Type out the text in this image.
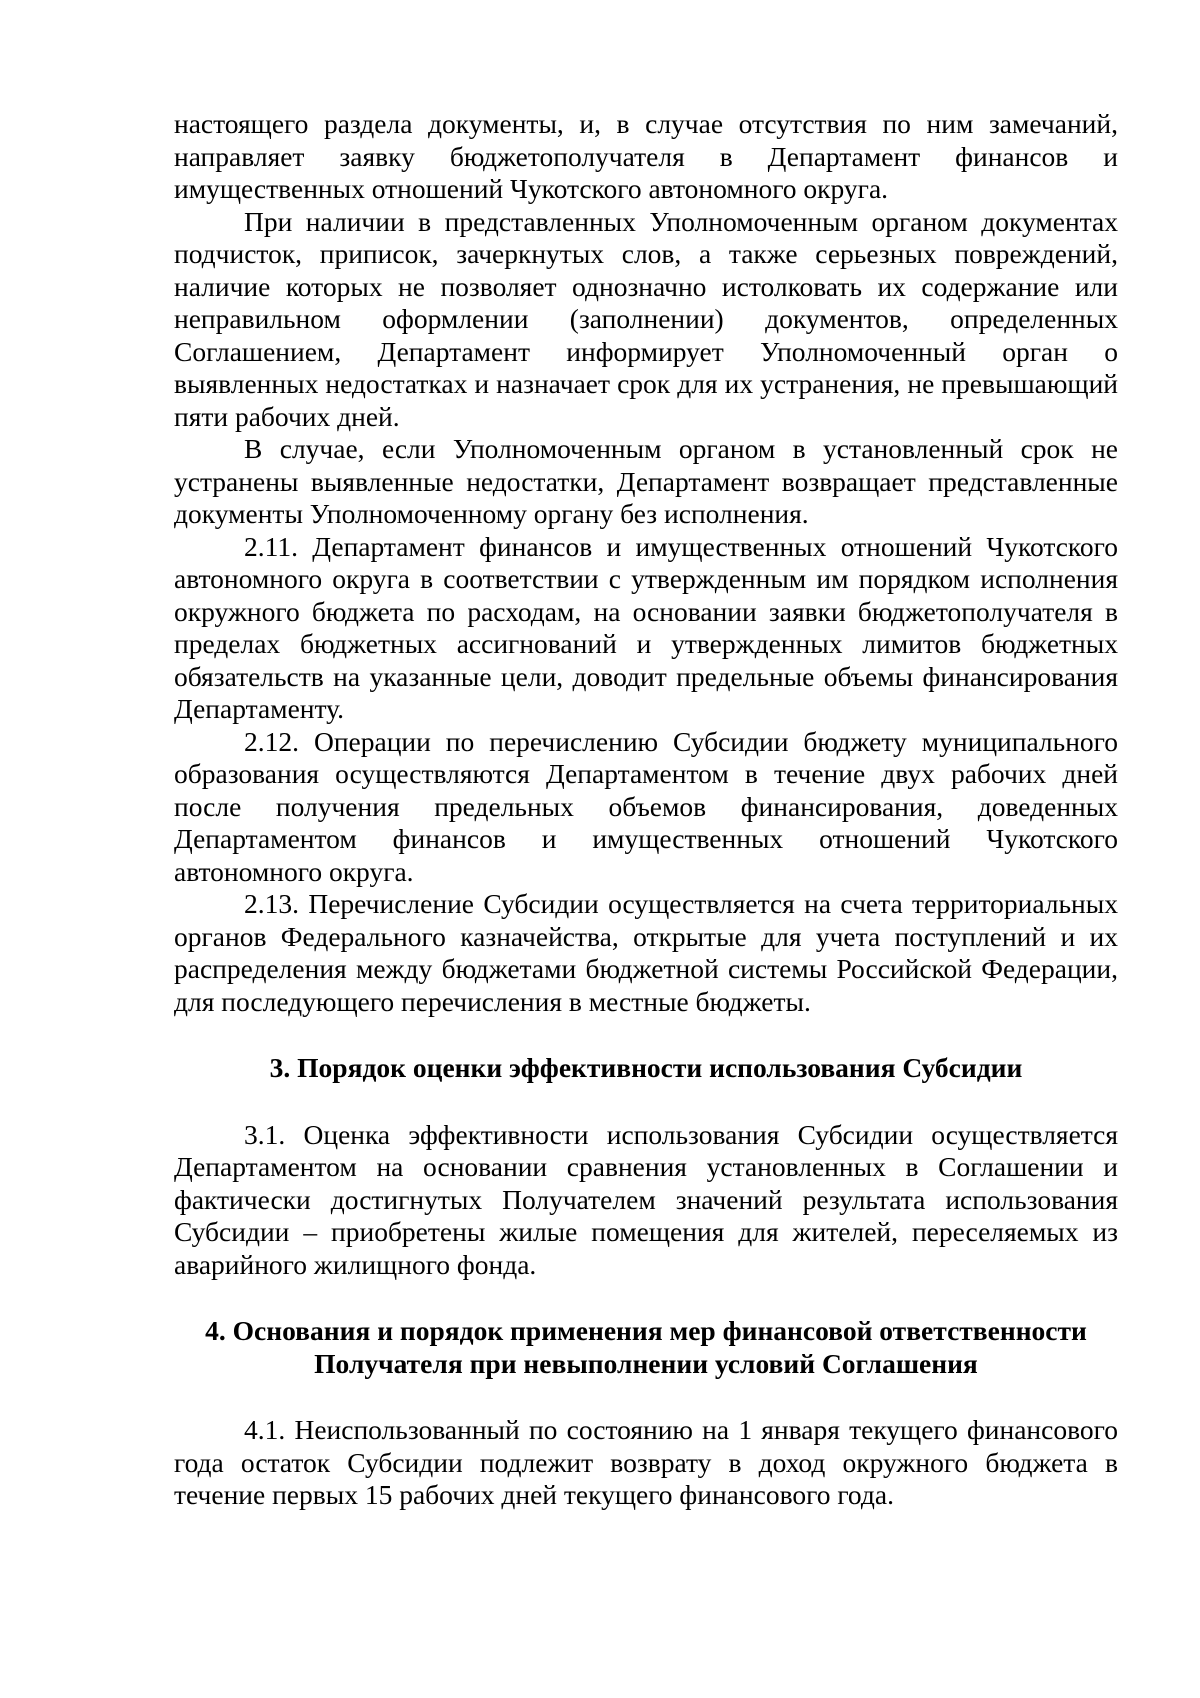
настоящего раздела документы, и, в случае отсутствия по ним замечаний, направляет заявку бюджетополучателя в Департамент финансов и имущественных отношений Чукотского автономного округа.

При наличии в представленных Уполномоченным органом документах подчисток, приписок, зачеркнутых слов, а также серьезных повреждений, наличие которых не позволяет однозначно истолковать их содержание или неправильном оформлении (заполнении) документов, определенных Соглашением, Департамент информирует Уполномоченный орган о выявленных недостатках и назначает срок для их устранения, не превышающий пяти рабочих дней.

В случае, если Уполномоченным органом в установленный срок не устранены выявленные недостатки, Департамент возвращает представленные документы Уполномоченному органу без исполнения.

2.11. Департамент финансов и имущественных отношений Чукотского автономного округа в соответствии с утвержденным им порядком исполнения окружного бюджета по расходам, на основании заявки бюджетополучателя в пределах бюджетных ассигнований и утвержденных лимитов бюджетных обязательств на указанные цели, доводит предельные объемы финансирования Департаменту.

2.12. Операции по перечислению Субсидии бюджету муниципального образования осуществляются Департаментом в течение двух рабочих дней после получения предельных объемов финансирования, доведенных Департаментом финансов и имущественных отношений Чукотского автономного округа.

2.13. Перечисление Субсидии осуществляется на счета территориальных органов Федерального казначейства, открытые для учета поступлений и их распределения между бюджетами бюджетной системы Российской Федерации, для последующего перечисления в местные бюджеты.

3. Порядок оценки эффективности использования Субсидии

3.1. Оценка эффективности использования Субсидии осуществляется Департаментом на основании сравнения установленных в Соглашении и фактически достигнутых Получателем значений результата использования Субсидии – приобретены жилые помещения для жителей, переселяемых из аварийного жилищного фонда.

4. Основания и порядок применения мер финансовой ответственности

Получателя при невыполнении условий Соглашения

4.1. Неиспользованный по состоянию на 1 января текущего финансового года остаток Субсидии подлежит возврату в доход окружного бюджета в течение первых 15 рабочих дней текущего финансового года.
